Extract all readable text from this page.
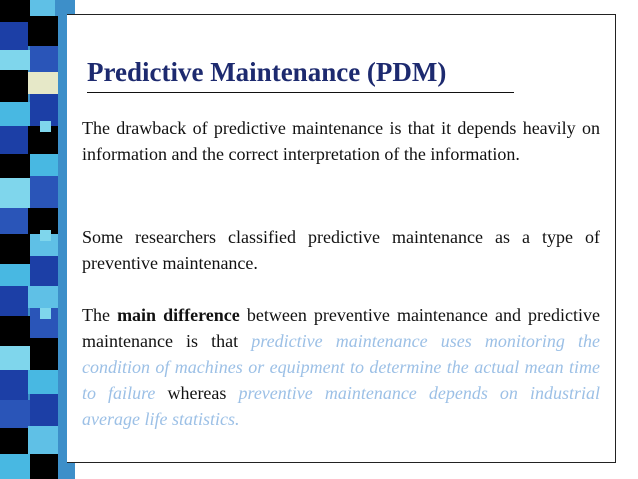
Predictive Maintenance (PDM)

The drawback of predictive maintenance is that it depends heavily on information and the correct interpretation of the information.

Some researchers classified predictive maintenance as a type of preventive maintenance.

The main difference between preventive maintenance and predictive maintenance is that predictive maintenance uses monitoring the condition of machines or equipment to determine the actual mean time to failure whereas preventive maintenance depends on industrial average life statistics.
